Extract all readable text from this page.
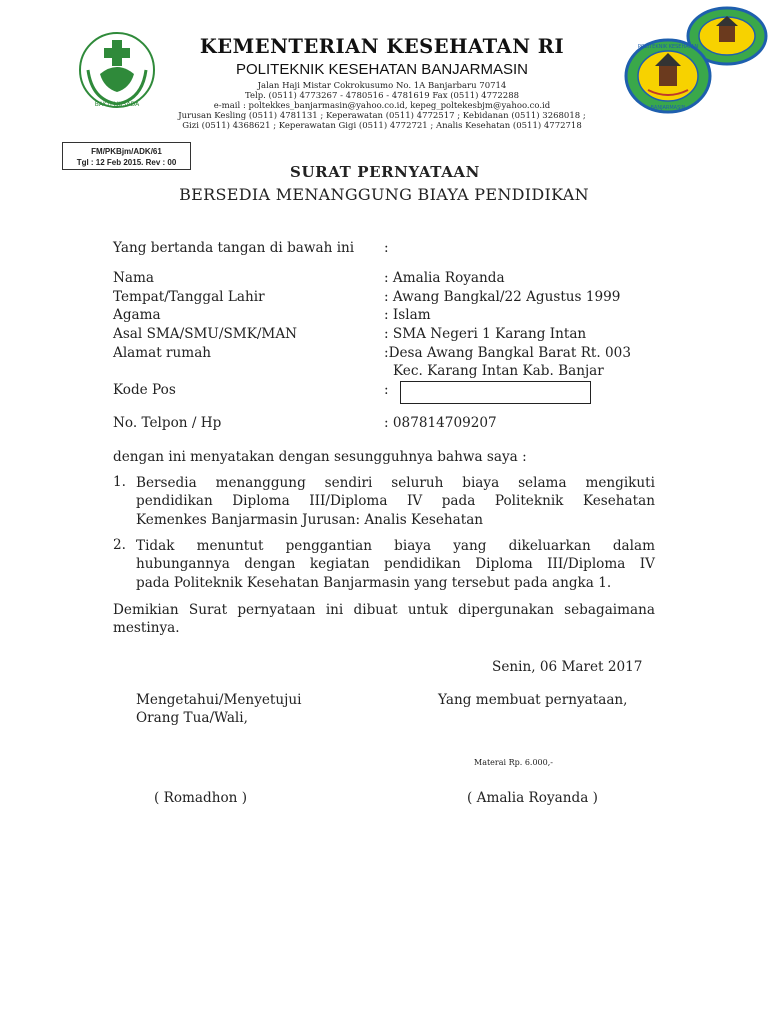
BAKTI HUSADA
POLITEKNIK KESEHATAN
BANJARMASIN
KEMENTERIAN KESEHATAN RI
POLITEKNIK KESEHATAN BANJARMASIN
Jalan Haji Mistar Cokrokusumo No. 1A Banjarbaru 70714
Telp. (0511) 4773267 - 4780516 - 4781619 Fax (0511) 4772288
e-mail : poltekkes_banjarmasin@yahoo.co.id, kepeg_poltekesbjm@yahoo.co.id
Jurusan Kesling (0511) 4781131 ; Keperawatan (0511) 4772517 ; Kebidanan (0511) 3268018 ;
Gizi (0511) 4368621 ; Keperawatan Gigi (0511) 4772721 ; Analis Kesehatan (0511) 4772718
FM/PKBjm/ADK/61
Tgl : 12 Feb 2015. Rev : 00
SURAT PERNYATAAN
BERSEDIA MENANGGUNG BIAYA PENDIDIKAN
Yang bertanda tangan di bawah ini :
Nama	: Amalia Royanda
Tempat/Tanggal Lahir	: Awang Bangkal/22 Agustus 1999
Agama	: Islam
Asal SMA/SMU/SMK/MAN	: SMA Negeri 1 Karang Intan
Alamat rumah	:Desa Awang Bangkal Barat Rt. 003
Kec. Karang Intan Kab. Banjar
Kode Pos	:
No. Telpon / Hp	: 087814709207
dengan ini menyatakan dengan sesungguhnya bahwa saya :
1. Bersedia menanggung sendiri seluruh biaya selama mengikuti
pendidikan Diploma III/Diploma IV pada Politeknik Kesehatan
Kemenkes Banjarmasin Jurusan: Analis Kesehatan
2. Tidak menuntut penggantian biaya yang dikeluarkan dalam
hubungannya dengan kegiatan pendidikan Diploma III/Diploma IV
pada Politeknik Kesehatan Banjarmasin yang tersebut pada angka 1.
Demikian Surat pernyataan ini dibuat untuk dipergunakan sebagaimana
mestinya.
Senin, 06 Maret 2017
Mengetahui/Menyetujui
Orang Tua/Wali,
Yang membuat pernyataan,
Materai Rp. 6.000,-
( Romadhon )	( Amalia Royanda )
